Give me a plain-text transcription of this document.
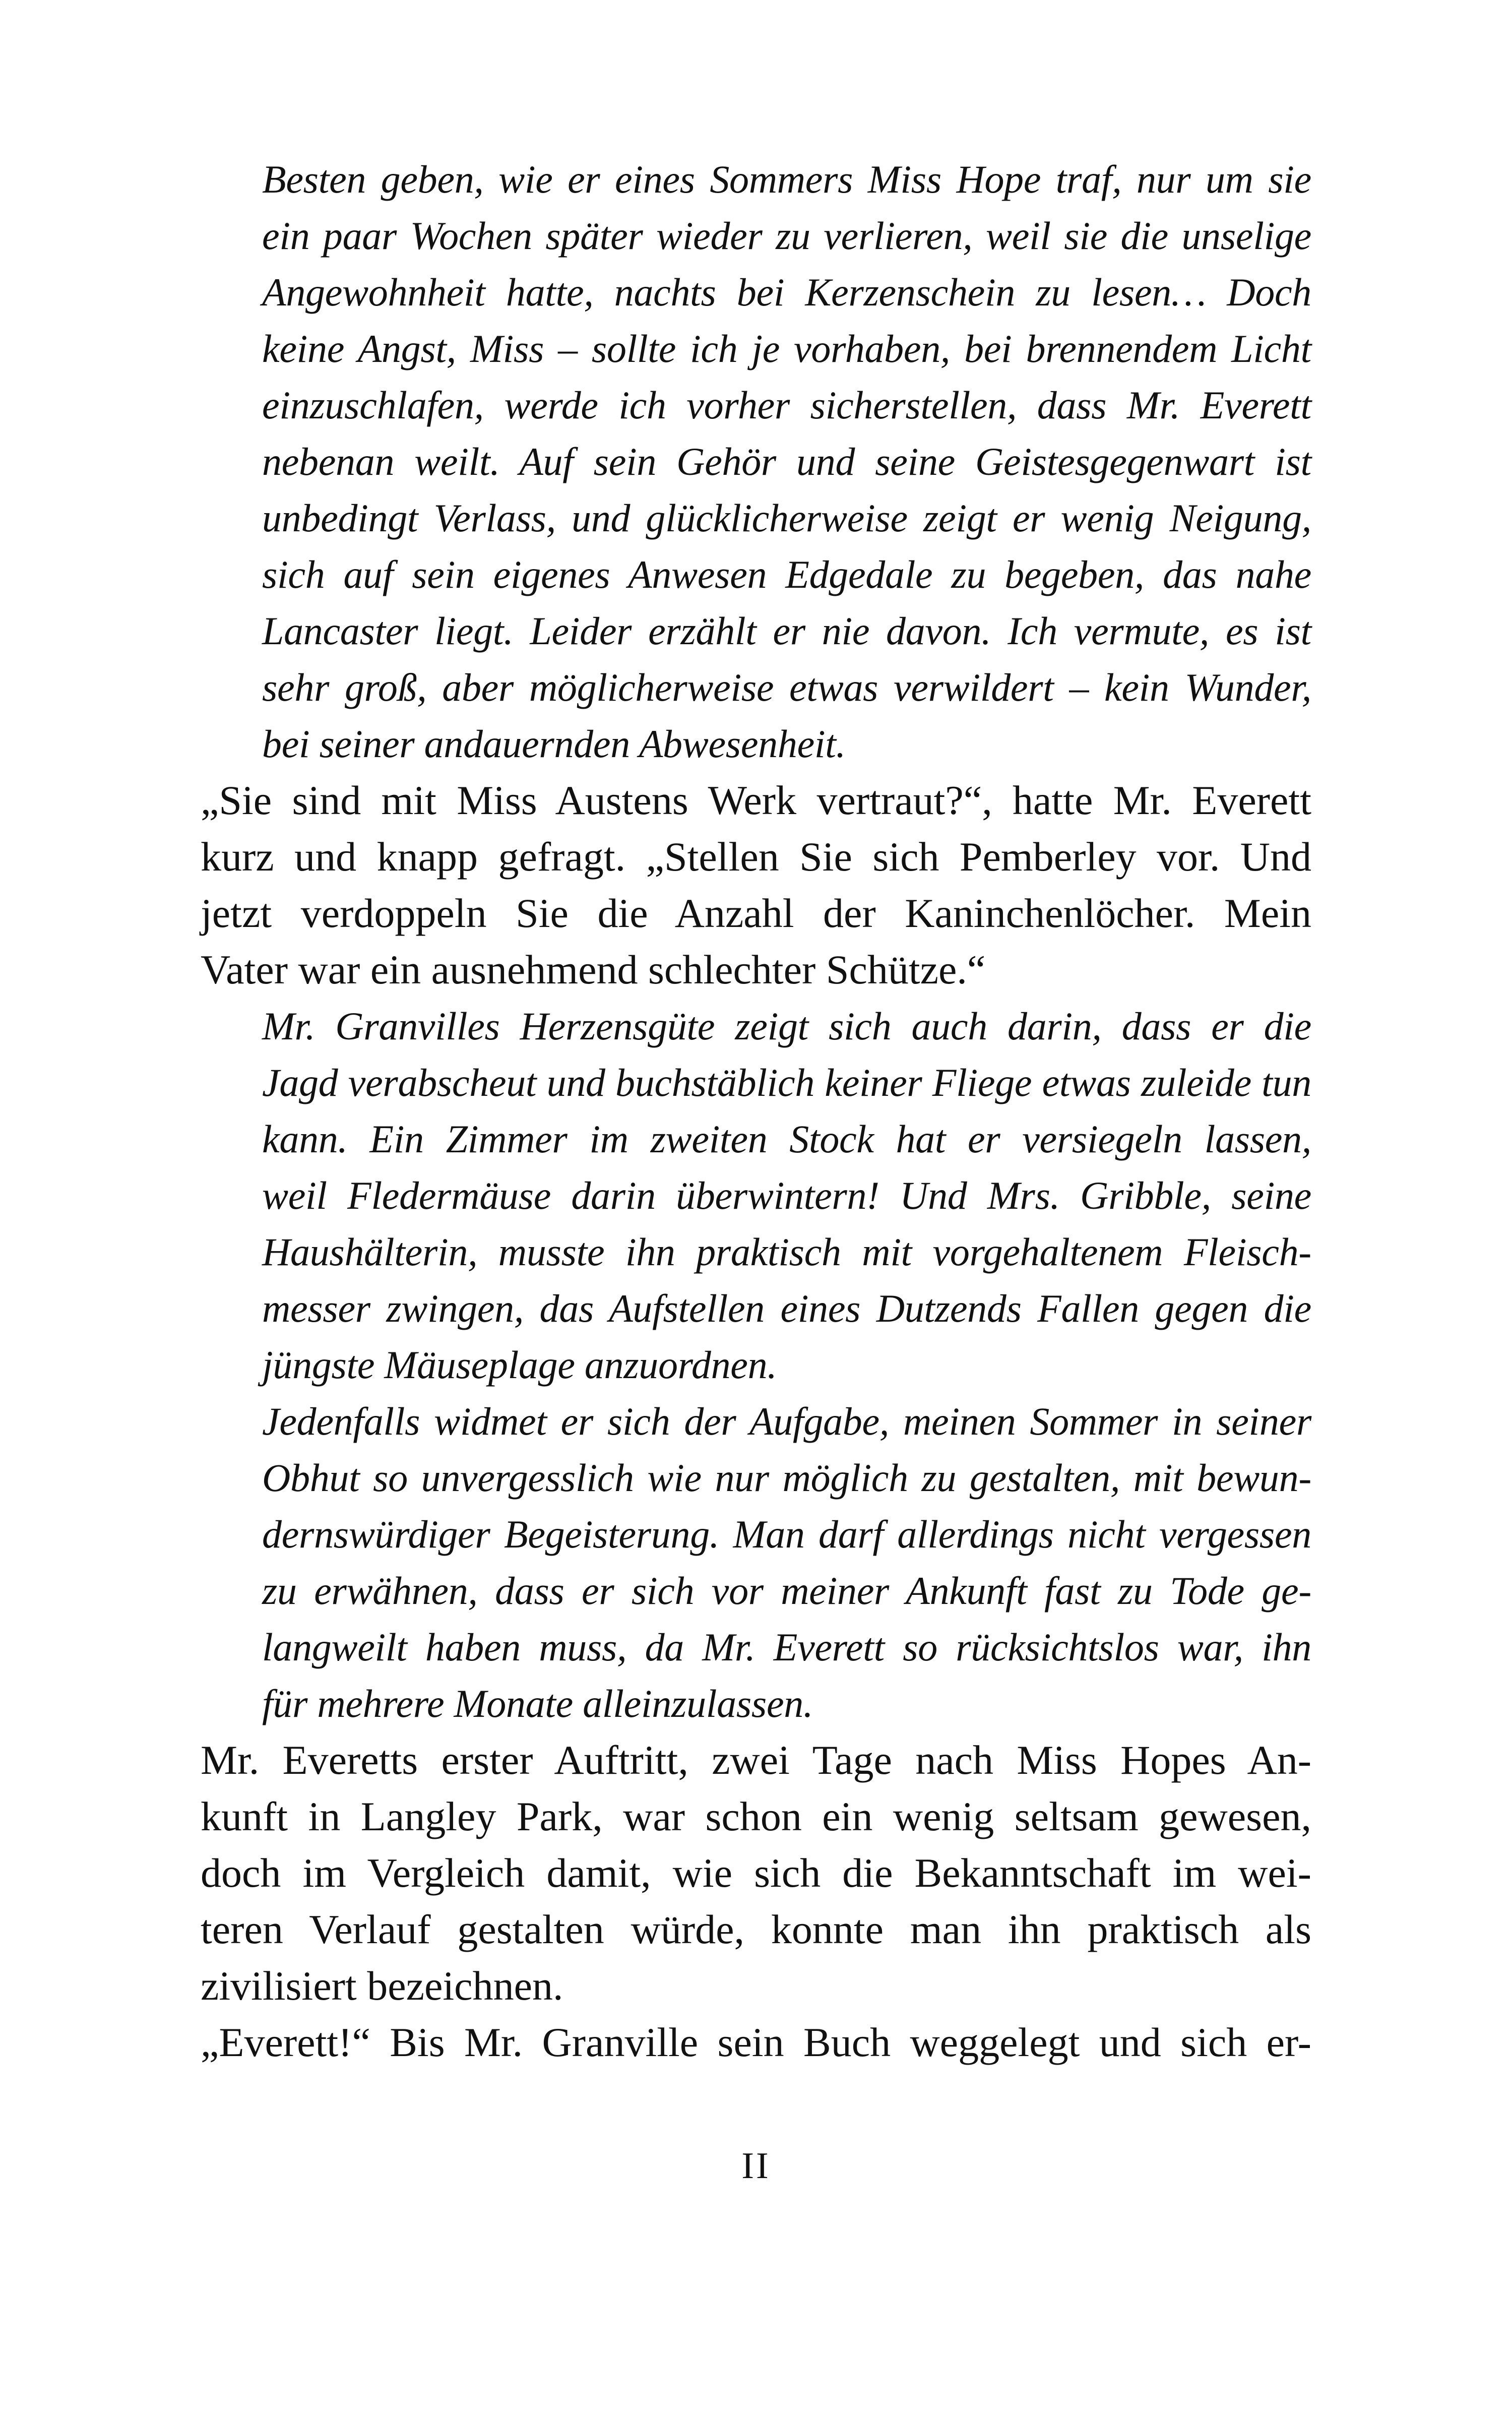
Besten geben, wie er eines Sommers Miss Hope traf, nur um sie
ein paar Wochen später wieder zu verlieren, weil sie die unselige
Angewohnheit hatte, nachts bei Kerzenschein zu lesen… Doch
keine Angst, Miss – sollte ich je vorhaben, bei brennendem Licht
einzuschlafen, werde ich vorher sicherstellen, dass Mr. Everett
nebenan weilt. Auf sein Gehör und seine Geistesgegenwart ist
unbedingt Verlass, und glücklicherweise zeigt er wenig Neigung,
sich auf sein eigenes Anwesen Edgedale zu begeben, das nahe
Lancaster liegt. Leider erzählt er nie davon. Ich vermute, es ist
sehr groß, aber möglicherweise etwas verwildert – kein Wunder,
bei seiner andauernden Abwesenheit.
„Sie sind mit Miss Austens Werk vertraut?“, hatte Mr. Everett
kurz und knapp gefragt. „Stellen Sie sich Pemberley vor. Und
jetzt verdoppeln Sie die Anzahl der Kaninchenlöcher. Mein
Vater war ein ausnehmend schlechter Schütze.“
Mr. Granvilles Herzensgüte zeigt sich auch darin, dass er die
Jagd verabscheut und buchstäblich keiner Fliege etwas zuleide tun
kann. Ein Zimmer im zweiten Stock hat er versiegeln lassen,
weil Fledermäuse darin überwintern! Und Mrs. Gribble, seine
Haushälterin, musste ihn praktisch mit vorgehaltenem Fleisch-
messer zwingen, das Aufstellen eines Dutzends Fallen gegen die
jüngste Mäuseplage anzuordnen.
Jedenfalls widmet er sich der Aufgabe, meinen Sommer in seiner
Obhut so unvergesslich wie nur möglich zu gestalten, mit bewun-
dernswürdiger Begeisterung. Man darf allerdings nicht vergessen
zu erwähnen, dass er sich vor meiner Ankunft fast zu Tode ge-
langweilt haben muss, da Mr. Everett so rücksichtslos war, ihn
für mehrere Monate alleinzulassen.
Mr. Everetts erster Auftritt, zwei Tage nach Miss Hopes An-
kunft in Langley Park, war schon ein wenig seltsam gewesen,
doch im Vergleich damit, wie sich die Bekanntschaft im wei-
teren Verlauf gestalten würde, konnte man ihn praktisch als
zivilisiert bezeichnen.
„Everett!“ Bis Mr. Granville sein Buch weggelegt und sich er-
II
